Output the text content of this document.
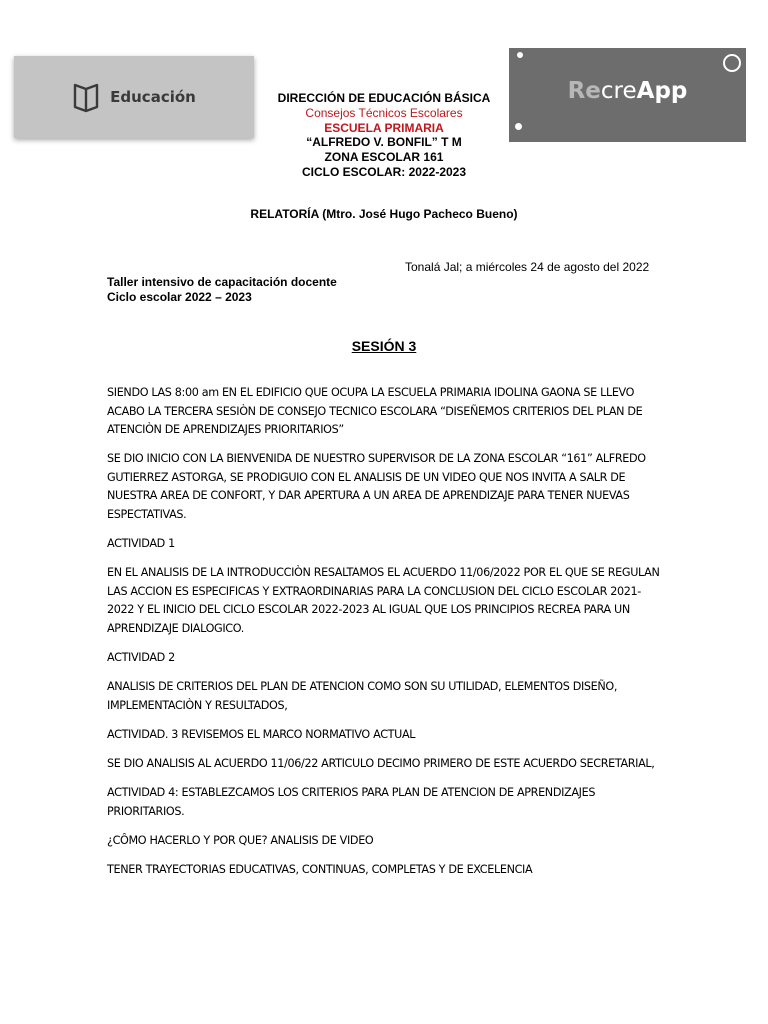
Educación	RecreApp
DIRECCIÓN DE EDUCACIÓN BÁSICA
Consejos Técnicos Escolares
ESCUELA PRIMARIA
“ALFREDO V. BONFIL” T M
ZONA ESCOLAR 161
CICLO ESCOLAR: 2022-2023
RELATORÍA (Mtro. José Hugo Pacheco Bueno)
Tonalá Jal; a miércoles 24 de agosto del 2022
Taller intensivo de capacitación docente
Ciclo escolar 2022 – 2023
SESIÓN 3

SIENDO LAS 8:00 am EN EL EDIFICIO QUE OCUPA LA ESCUELA PRIMARIA IDOLINA GAONA SE LLEVO ACABO LA TERCERA SESIÒN DE CONSEJO TECNICO ESCOLARA “DISEÑEMOS CRITERIOS DEL PLAN DE ATENCIÒN DE APRENDIZAJES PRIORITARIOS”

SE DIO INICIO CON LA BIENVENIDA DE NUESTRO SUPERVISOR DE LA ZONA ESCOLAR “161” ALFREDO GUTIERREZ ASTORGA, SE PRODIGUIO CON EL ANALISIS DE UN VIDEO QUE NOS INVITA A SALR DE NUESTRA AREA DE CONFORT, Y DAR APERTURA A UN AREA DE APRENDIZAJE PARA TENER NUEVAS ESPECTATIVAS.

ACTIVIDAD 1

EN EL ANALISIS DE LA INTRODUCCIÒN RESALTAMOS EL ACUERDO 11/06/2022 POR EL QUE SE REGULAN LAS ACCION ES ESPECIFICAS Y EXTRAORDINARIAS PARA LA CONCLUSION DEL CICLO ESCOLAR 2021-2022 Y EL INICIO DEL CICLO ESCOLAR 2022-2023 AL IGUAL QUE LOS PRINCIPIOS RECREA PARA UN APRENDIZAJE DIALOGICO.

ACTIVIDAD 2

ANALISIS DE CRITERIOS DEL PLAN DE ATENCION COMO SON SU UTILIDAD, ELEMENTOS DISEÑO, IMPLEMENTACIÒN Y RESULTADOS,

ACTIVIDAD. 3 REVISEMOS EL MARCO NORMATIVO ACTUAL

SE DIO ANALISIS AL ACUERDO 11/06/22 ARTICULO DECIMO PRIMERO DE ESTE ACUERDO SECRETARIAL,

ACTIVIDAD 4: ESTABLEZCAMOS LOS CRITERIOS PARA PLAN DE ATENCION DE APRENDIZAJES PRIORITARIOS.

¿CÔMO HACERLO Y POR QUE? ANALISIS DE VIDEO

TENER TRAYECTORIAS EDUCATIVAS, CONTINUAS, COMPLETAS Y DE EXCELENCIA
